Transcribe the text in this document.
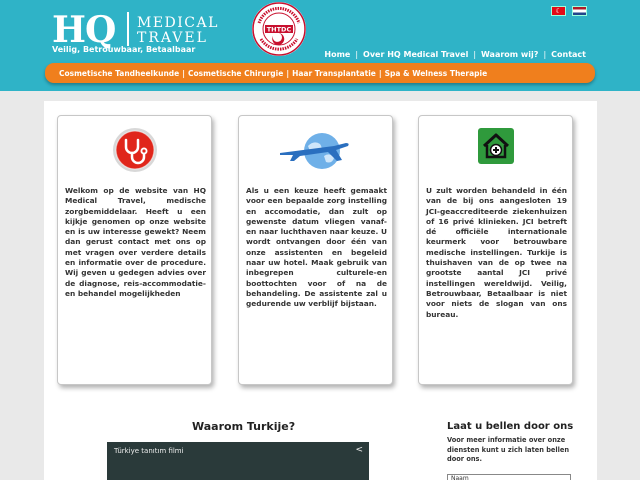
HQ MEDICAL
TRAVEL
Veilig, Betrouwbaar, Betaalbaar
THTDC
☾
Home | Over HQ Medical Travel | Waarom wij? | Contact
Cosmetische Tandheelkunde | Cosmetische Chirurgie | Haar Transplantatie | Spa & Welness Therapie
Welkom op de website van HQ Medical Travel, medische zorgbemiddelaar. Heeft u een kijkje genomen op onze website en is uw interesse gewekt? Neem dan gerust contact met ons op met vragen over verdere details en informatie over de procedure. Wij geven u gedegen advies over de diagnose, reis-accommodatie- en behandel mogelijkheden
Als u een keuze heeft gemaakt voor een bepaalde zorg instelling en accomodatie, dan zult op gewenste datum vliegen vanaf- en naar luchthaven naar keuze. U wordt ontvangen door één van onze assistenten en begeleid naar uw hotel. Maak gebruik van inbegrepen culturele-en boottochten voor of na de behandeling. De assistente zal u gedurende uw verblijf bijstaan.
U zult worden behandeld in één van de bij ons aangesloten 19 JCI-geaccrediteerde ziekenhuizen of 16 privé klinieken. JCI betreft dé officiële internationale keurmerk voor betrouwbare medische instellingen. Turkije is thuishaven van de op twee na grootste aantal JCI privé instellingen wereldwijd. Veilig, Betrouwbaar, Betaalbaar is niet voor niets de slogan van ons bureau.
Waarom Turkije?
Türkiye tanıtım filmi	<
Laat u bellen door ons
Voor meer informatie over onze diensten kunt u zich laten bellen door ons.
Naam
